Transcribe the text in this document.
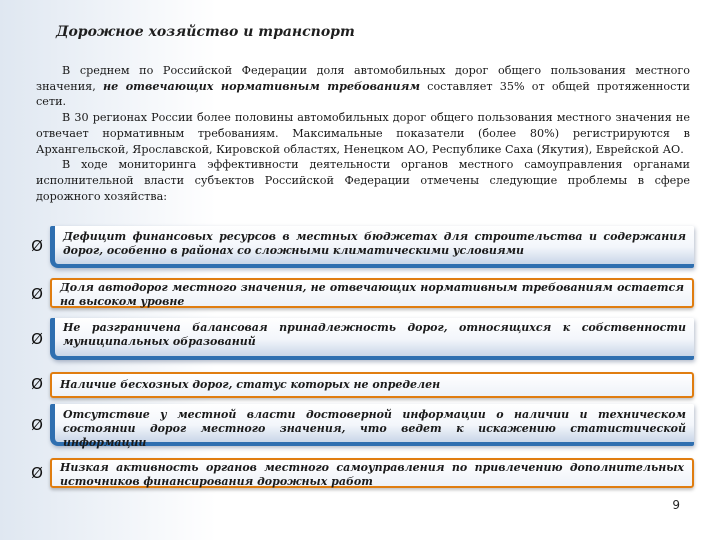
Дорожное хозяйство и транспорт

В среднем по Российской Федерации доля автомобильных дорог общего пользования местного значения, не отвечающих нормативным требованиям составляет 35% от общей протяженности сети.

В 30 регионах России более половины автомобильных дорог общего пользования местного значения не отвечает нормативным требованиям. Максимальные показатели (более 80%) регистрируются в Архангельской, Ярославской, Кировской областях, Ненецком АО, Республике Саха (Якутия), Еврейской АО.

В ходе мониторинга эффективности деятельности органов местного самоуправления органами исполнительной власти субъектов Российской Федерации отмечены следующие проблемы в сфере дорожного хозяйства:

Ø
Дефицит финансовых ресурсов в местных бюджетах для строительства и содержания дорог, особенно в районах со сложными климатическими условиями
Ø	Доля автодорог местного значения, не отвечающих нормативным требованиям остается на высоком уровне
Ø
Не разграничена балансовая принадлежность дорог, относящихся к собственности муниципальных образований
Ø	Наличие бесхозных дорог, статус которых не определен
Ø
Отсутствие у местной власти достоверной информации о наличии и техническом состоянии дорог местного значения, что ведет к искажению статистической информации
Ø	Низкая активность органов местного самоуправления по привлечению дополнительных источников финансирования дорожных работ
9
